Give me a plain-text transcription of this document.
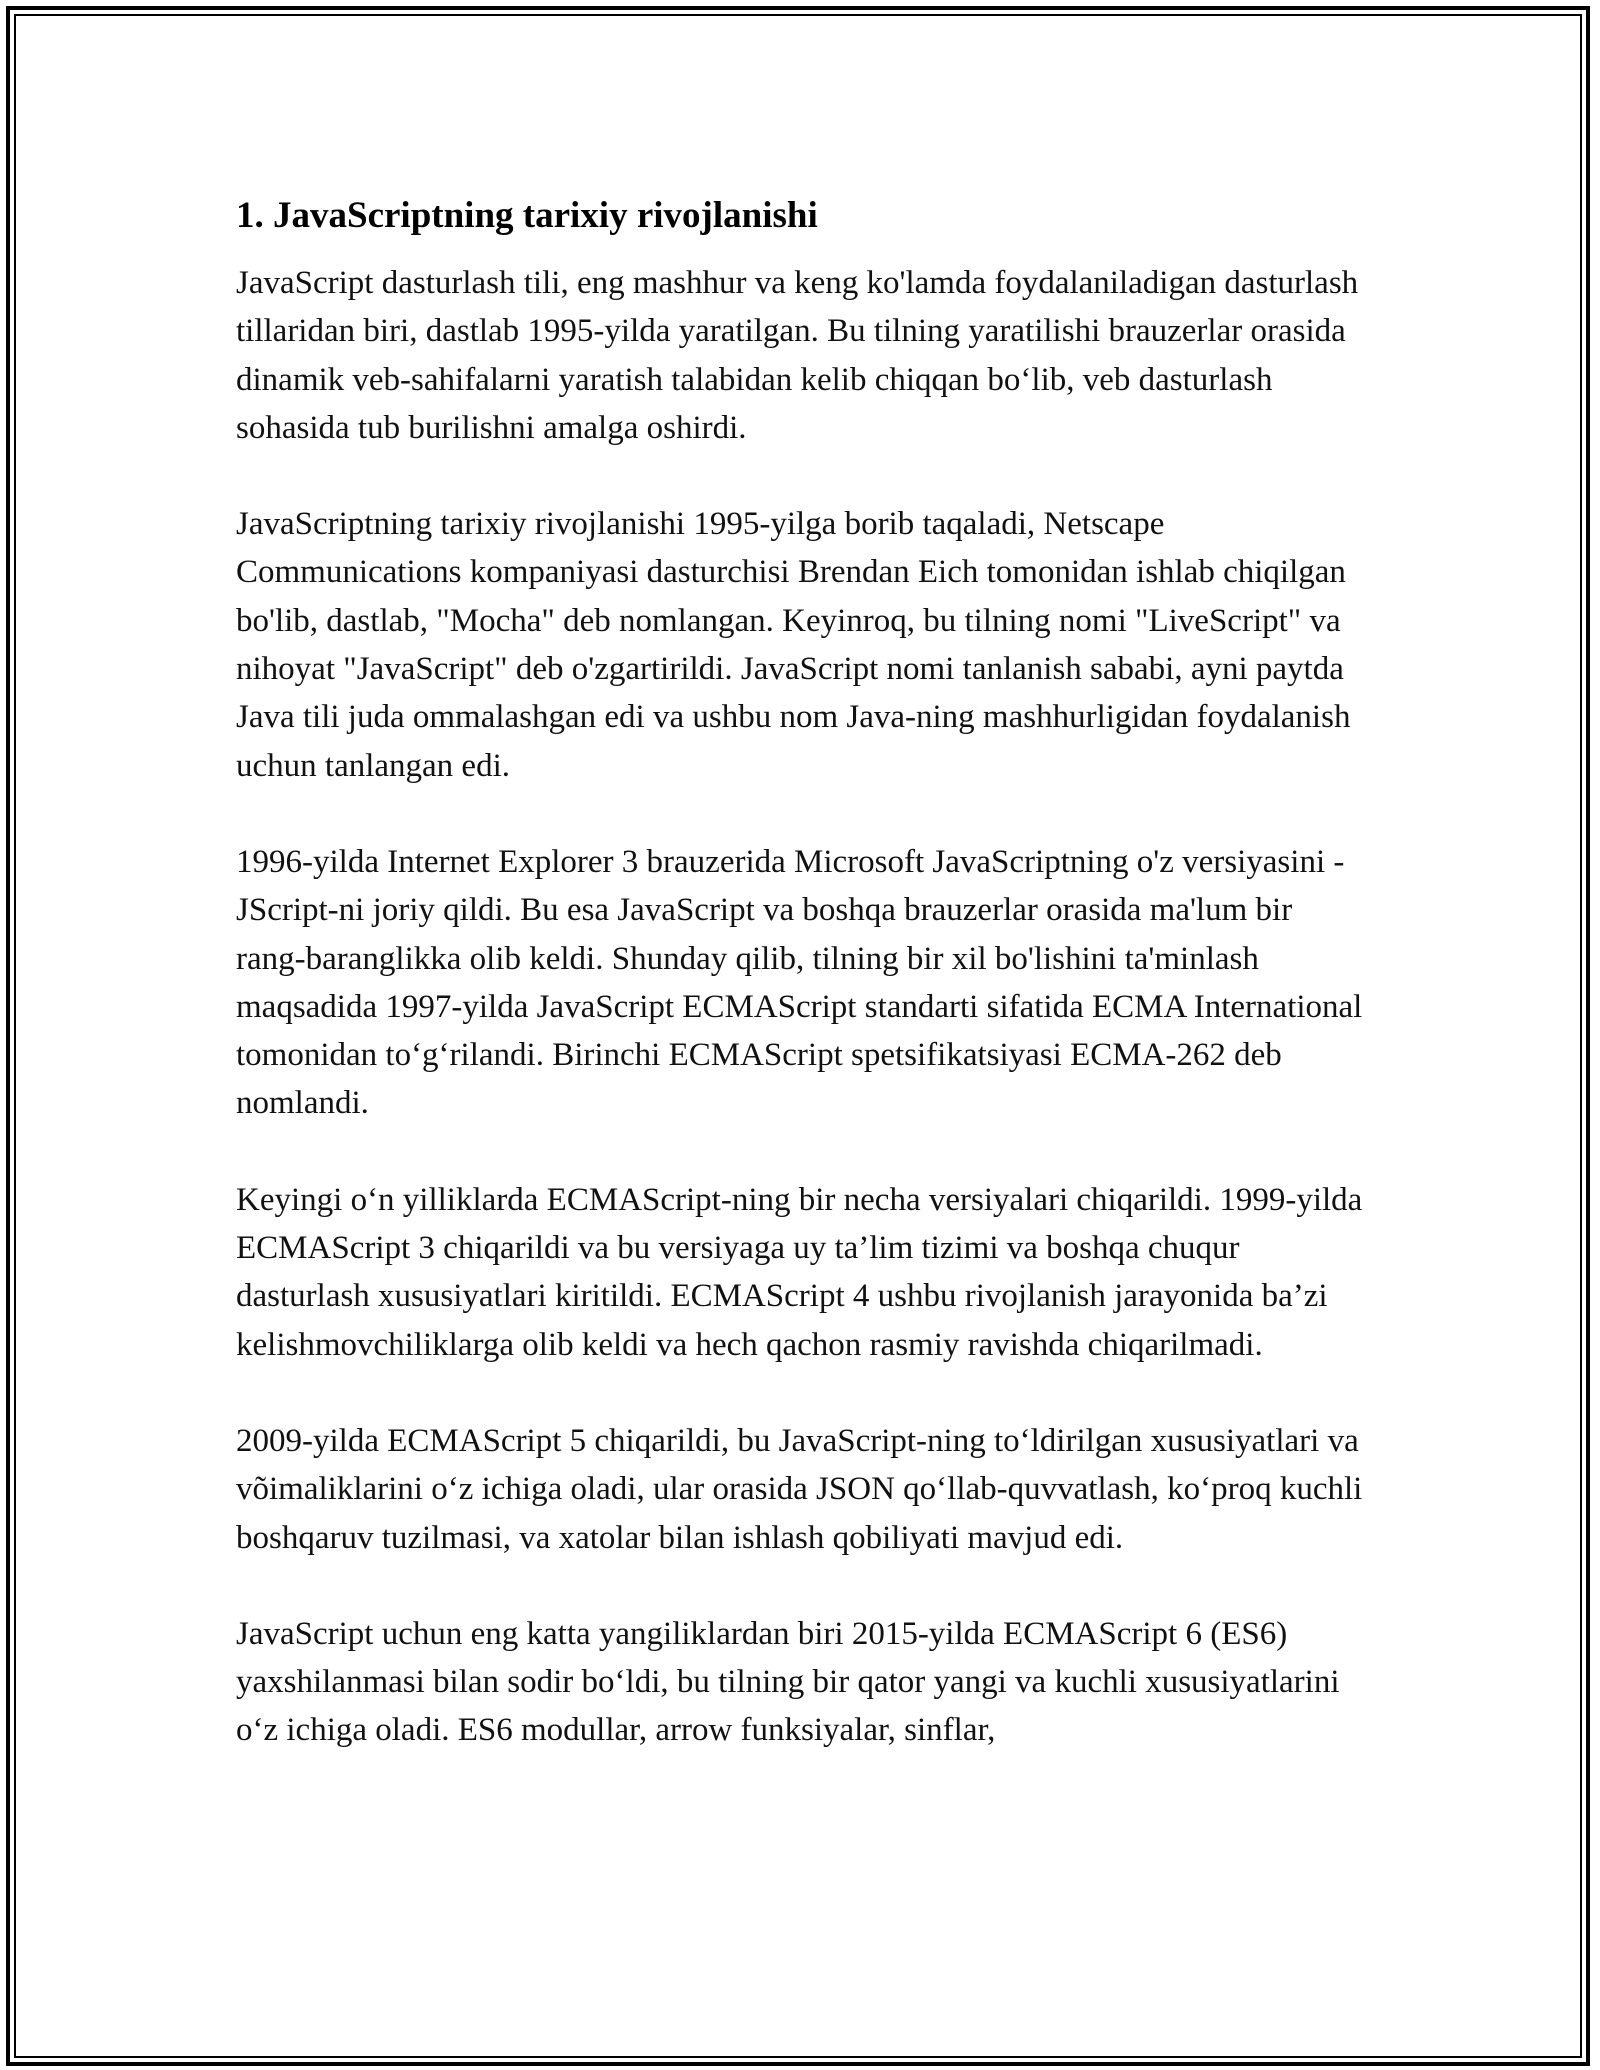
1. JavaScriptning tarixiy rivojlanishi

JavaScript dasturlash tili, eng mashhur va keng ko'lamda foydalaniladigan dasturlash tillaridan biri, dastlab 1995-yilda yaratilgan. Bu tilning yaratilishi brauzerlar orasida dinamik veb-sahifalarni yaratish talabidan kelib chiqqan bo‘lib, veb dasturlash sohasida tub burilishni amalga oshirdi.

JavaScriptning tarixiy rivojlanishi 1995-yilga borib taqaladi, Netscape Communications kompaniyasi dasturchisi Brendan Eich tomonidan ishlab chiqilgan bo'lib, dastlab, "Mocha" deb nomlangan. Keyinroq, bu tilning nomi "LiveScript" va nihoyat "JavaScript" deb o'zgartirildi. JavaScript nomi tanlanish sababi, ayni paytda Java tili juda ommalashgan edi va ushbu nom Java-ning mashhurligidan foydalanish uchun tanlangan edi.

1996-yilda Internet Explorer 3 brauzerida Microsoft JavaScriptning o'z versiyasini - JScript-ni joriy qildi. Bu esa JavaScript va boshqa brauzerlar orasida ma'lum bir rang-baranglikka olib keldi. Shunday qilib, tilning bir xil bo'lishini ta'minlash maqsadida 1997-yilda JavaScript ECMAScript standarti sifatida ECMA International tomonidan to‘g‘rilandi. Birinchi ECMAScript spetsifikatsiyasi ECMA-262 deb nomlandi.

Keyingi o‘n yilliklarda ECMAScript-ning bir necha versiyalari chiqarildi. 1999-yilda ECMAScript 3 chiqarildi va bu versiyaga uy ta’lim tizimi va boshqa chuqur dasturlash xususiyatlari kiritildi. ECMAScript 4 ushbu rivojlanish jarayonida ba’zi kelishmovchiliklarga olib keldi va hech qachon rasmiy ravishda chiqarilmadi.

2009-yilda ECMAScript 5 chiqarildi, bu JavaScript-ning to‘ldirilgan xususiyatlari va võimaliklarini o‘z ichiga oladi, ular orasida JSON qo‘llab-quvvatlash, ko‘proq kuchli boshqaruv tuzilmasi, va xatolar bilan ishlash qobiliyati mavjud edi.

JavaScript uchun eng katta yangiliklardan biri 2015-yilda ECMAScript 6 (ES6) yaxshilanmasi bilan sodir bo‘ldi, bu tilning bir qator yangi va kuchli xususiyatlarini o‘z ichiga oladi. ES6 modullar, arrow funksiyalar, sinflar,
